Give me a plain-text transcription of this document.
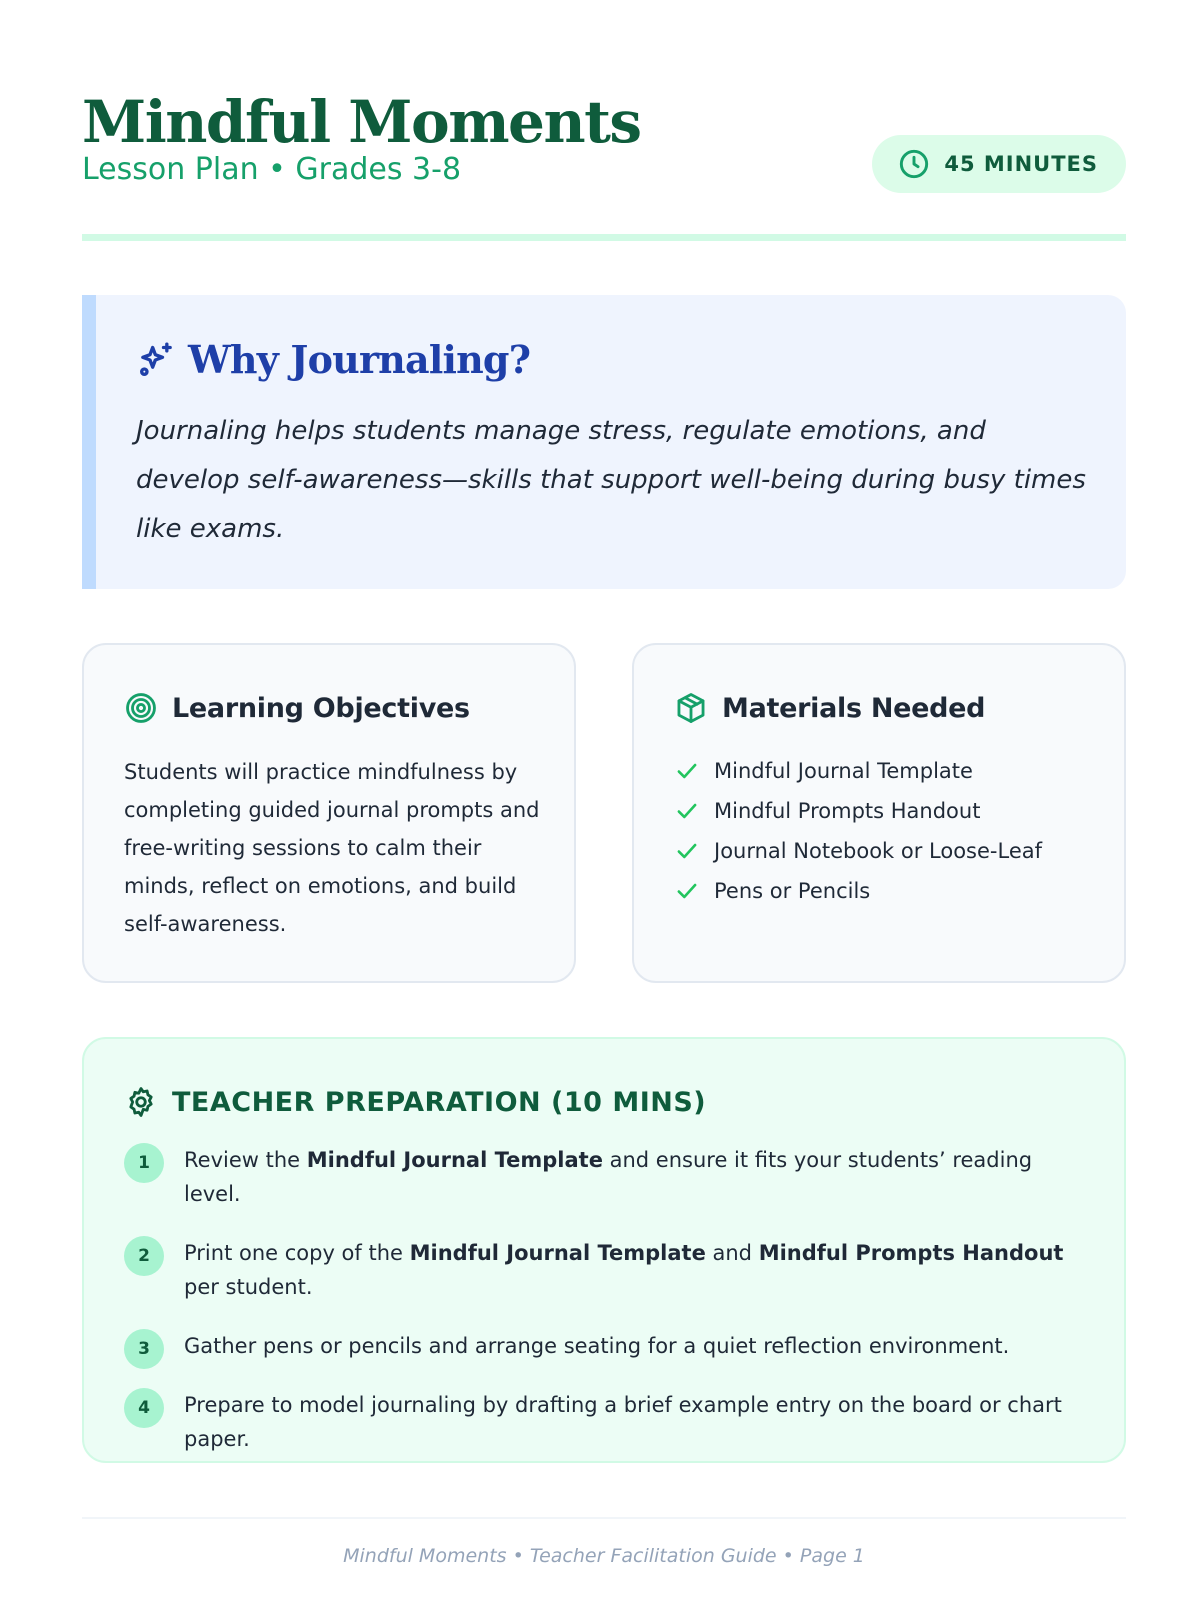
Mindful Moments
Lesson Plan • Grades 3-8	45 MINUTES
Why Journaling?

Journaling helps students manage stress, regulate emotions, and develop self-awareness—skills that support well-being during busy times like exams.

Learning Objectives

Students will practice mindfulness by completing guided journal prompts and free-writing sessions to calm their minds, reflect on emotions, and build self-awareness.

Materials Needed
Mindful Journal Template
Mindful Prompts Handout
Journal Notebook or Loose-Leaf
Pens or Pencils
TEACHER PREPARATION (10 MINS)
1	Review the Mindful Journal Template and ensure it fits your students’ reading level.
2	Print one copy of the Mindful Journal Template and Mindful Prompts Handout per student.
3	Gather pens or pencils and arrange seating for a quiet reflection environment.
4	Prepare to model journaling by drafting a brief example entry on the board or chart paper.
Mindful Moments • Teacher Facilitation Guide • Page 1
